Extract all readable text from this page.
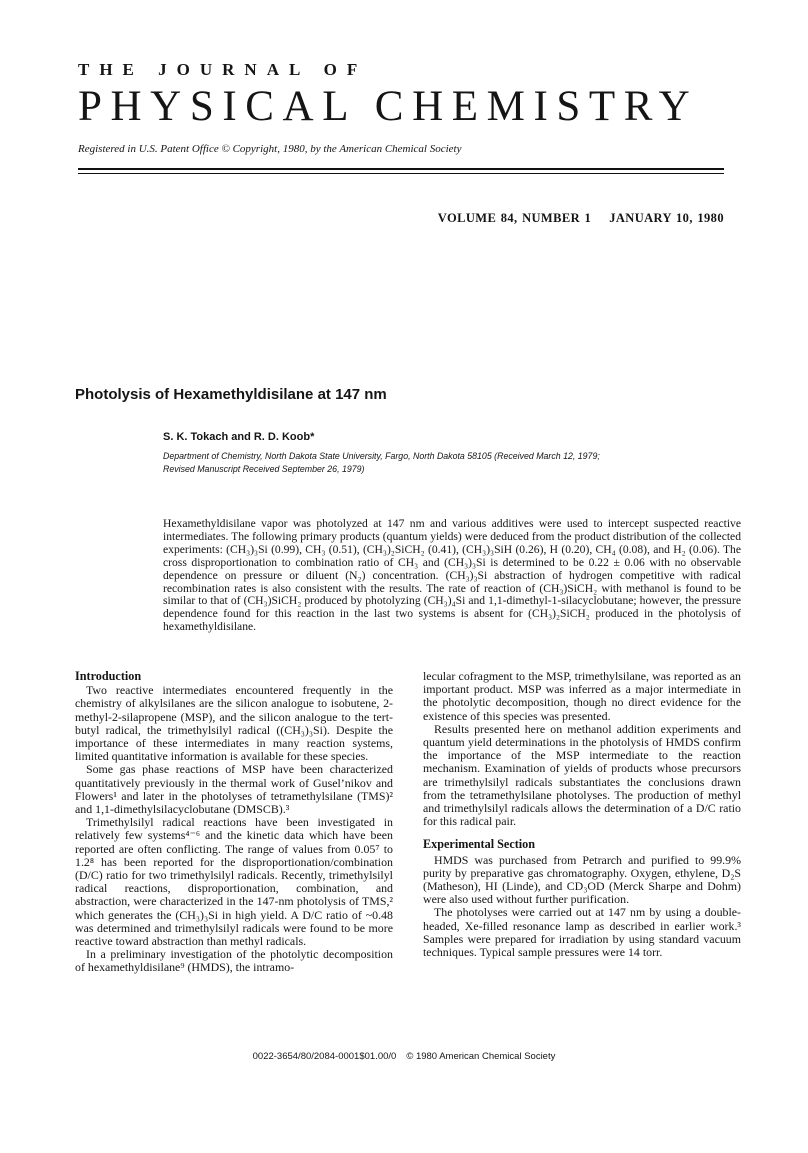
THE JOURNAL OF
PHYSICAL CHEMISTRY
Registered in U.S. Patent Office © Copyright, 1980, by the American Chemical Society
VOLUME 84, NUMBER 1 JANUARY 10, 1980
Photolysis of Hexamethyldisilane at 147 nm
S. K. Tokach and R. D. Koob*
Department of Chemistry, North Dakota State University, Fargo, North Dakota 58105 (Received March 12, 1979;
Revised Manuscript Received September 26, 1979)
Hexamethyldisilane vapor was photolyzed at 147 nm and various additives were used to intercept suspected reactive intermediates. The following primary products (quantum yields) were deduced from the product distribution of the collected experiments: (CH₃)₃Si (0.99), CH₃ (0.51), (CH₃)₂SiCH₂ (0.41), (CH₃)₃SiH (0.26), H (0.20), CH₄ (0.08), and H₂ (0.06). The cross disproportionation to combination ratio of CH₃ and (CH₃)₃Si is determined to be 0.22 ± 0.06 with no observable dependence on pressure or diluent (N₂) concentration. (CH₃)₃Si abstraction of hydrogen competitive with radical recombination rates is also consistent with the results. The rate of reaction of (CH₃)SiCH₂ with methanol is found to be similar to that of (CH₃)SiCH₂ produced by photolyzing (CH₃)₄Si and 1,1-dimethyl-1-silacyclobutane; however, the pressure dependence found for this reaction in the last two systems is absent for (CH₃)₂SiCH₂ produced in the photolysis of hexamethyldisilane.

Introduction

Two reactive intermediates encountered frequently in the chemistry of alkylsilanes are the silicon analogue to isobutene, 2-methyl-2-silapropene (MSP), and the silicon analogue to the tert-butyl radical, the trimethylsilyl radical ((CH₃)₃Si). Despite the importance of these intermediates in many reaction systems, limited quantitative information is available for these species.

Some gas phase reactions of MSP have been characterized quantitatively previously in the thermal work of Gusel’nikov and Flowers¹ and later in the photolyses of tetramethylsilane (TMS)² and 1,1-dimethylsilacyclobutane (DMSCB).³

Trimethylsilyl radical reactions have been investigated in relatively few systems⁴⁻⁶ and the kinetic data which have been reported are often conflicting. The range of values from 0.05⁷ to 1.2⁸ has been reported for the disproportionation/combination (D/C) ratio for two trimethylsilyl radicals. Recently, trimethylsilyl radical reactions, disproportionation, combination, and abstraction, were characterized in the 147-nm photolysis of TMS,² which generates the (CH₃)₃Si in high yield. A D/C ratio of ~0.48 was determined and trimethylsilyl radicals were found to be more reactive toward abstraction than methyl radicals.

In a preliminary investigation of the photolytic decomposition of hexamethyldisilane⁹ (HMDS), the intramo-

lecular cofragment to the MSP, trimethylsilane, was reported as an important product. MSP was inferred as a major intermediate in the photolytic decomposition, though no direct evidence for the existence of this species was presented.

Results presented here on methanol addition experiments and quantum yield determinations in the photolysis of HMDS confirm the importance of the MSP intermediate to the reaction mechanism. Examination of yields of products whose precursors are trimethylsilyl radicals substantiates the conclusions drawn from the tetramethylsilane photolyses. The production of methyl and trimethylsilyl radicals allows the determination of a D/C ratio for this radical pair.

Experimental Section

HMDS was purchased from Petrarch and purified to 99.9% purity by preparative gas chromatography. Oxygen, ethylene, D₂S (Matheson), HI (Linde), and CD₃OD (Merck Sharpe and Dohm) were also used without further purification.

The photolyses were carried out at 147 nm by using a double-headed, Xe-filled resonance lamp as described in earlier work.³ Samples were prepared for irradiation by using standard vacuum techniques. Typical sample pressures were 14 torr.

0022-3654/80/2084-0001$01.00/0 © 1980 American Chemical Society
